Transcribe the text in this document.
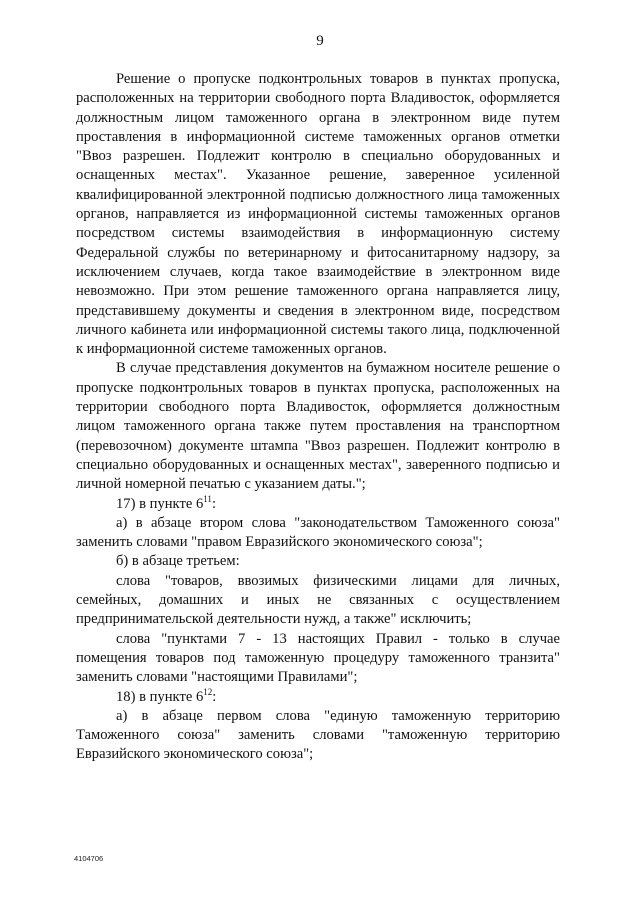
9

Решение о пропуске подконтрольных товаров в пунктах пропуска, расположенных на территории свободного порта Владивосток, оформляется должностным лицом таможенного органа в электронном виде путем проставления в информационной системе таможенных органов отметки "Ввоз разрешен. Подлежит контролю в специально оборудованных и оснащенных местах". Указанное решение, заверенное усиленной квалифицированной электронной подписью должностного лица таможенных органов, направляется из информационной системы таможенных органов посредством системы взаимодействия в информационную систему Федеральной службы по ветеринарному и фитосанитарному надзору, за исключением случаев, когда такое взаимодействие в электронном виде невозможно. При этом решение таможенного органа направляется лицу, представившему документы и сведения в электронном виде, посредством личного кабинета или информационной системы такого лица, подключенной к информационной системе таможенных органов.

В случае представления документов на бумажном носителе решение о пропуске подконтрольных товаров в пунктах пропуска, расположенных на территории свободного порта Владивосток, оформляется должностным лицом таможенного органа также путем проставления на транспортном (перевозочном) документе штампа "Ввоз разрешен. Подлежит контролю в специально оборудованных и оснащенных местах", заверенного подписью и личной номерной печатью с указанием даты.";

17) в пункте $6^{11}$:

а) в абзаце втором слова "законодательством Таможенного союза" заменить словами "правом Евразийского экономического союза";

б) в абзаце третьем:

слова "товаров, ввозимых физическими лицами для личных, семейных, домашних и иных не связанных с осуществлением предпринимательской деятельности нужд, а также" исключить;

слова "пунктами 7 - 13 настоящих Правил - только в случае помещения товаров под таможенную процедуру таможенного транзита" заменить словами "настоящими Правилами";

18) в пункте $6^{12}$:

а) в абзаце первом слова "единую таможенную территорию Таможенного союза" заменить словами "таможенную территорию Евразийского экономического союза";

4104706
